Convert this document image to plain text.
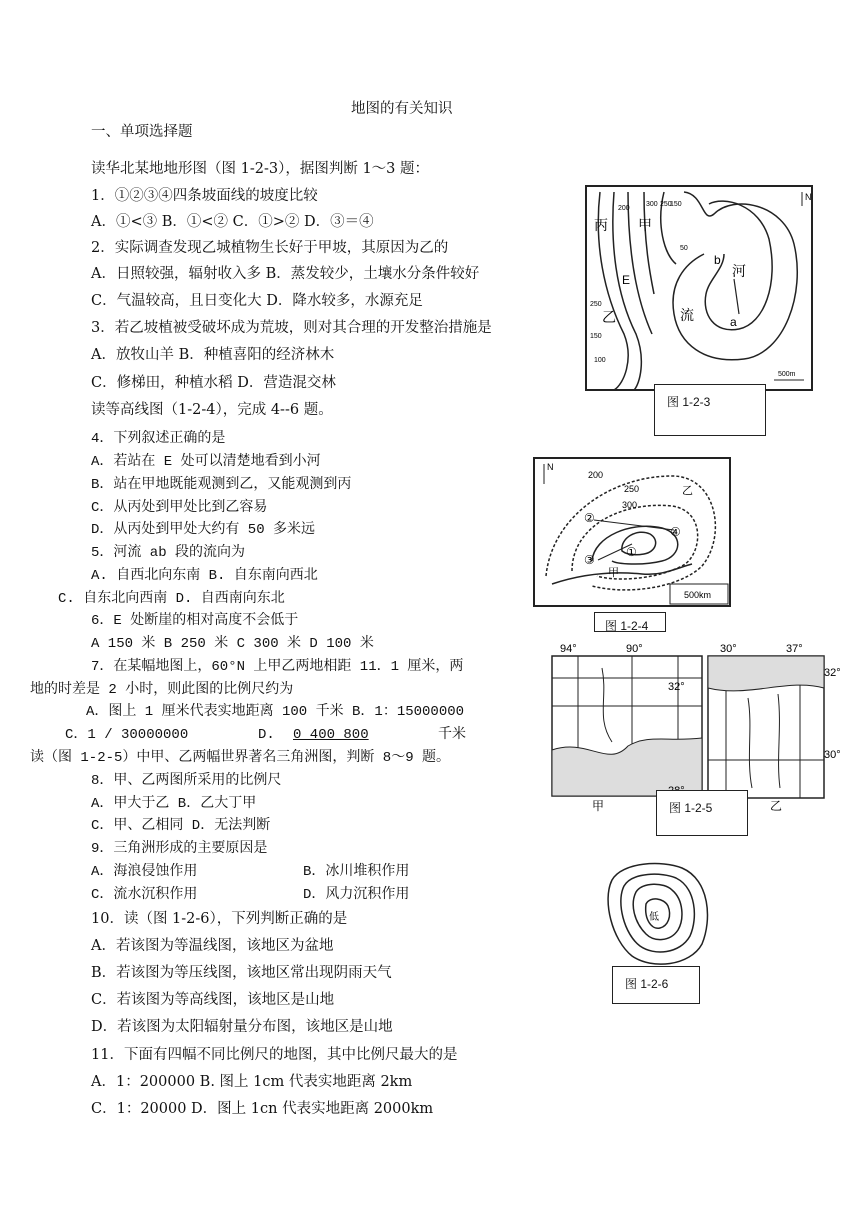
地图的有关知识
一、单项选择题
读华北某地地形图（图 1-2-3），据图判断 1～3 题：
1．①②③④四条坡面线的坡度比较
A．①<③ B．①<② C．①>② D．③＝④
2．实际调查发现乙城植物生长好于甲坡，其原因为乙的
A．日照较强，辐射收入多 B．蒸发较少，土壤水分条件较好
C．气温较高，且日变化大 D．降水较多，水源充足
3．若乙坡植被受破坏成为荒坡，则对其合理的开发整治措施是
A．放牧山羊 B．种植喜阳的经济林木
C．修梯田，种植水稻 D．营造混交林
读等高线图（1-2-4），完成 4--6 题。
4．下列叙述正确的是
A．若站在 E 处可以清楚地看到小河
B．站在甲地既能观测到乙，又能观测到丙
C．从丙处到甲处比到乙容易
D．从丙处到甲处大约有 50 多米远
5．河流 ab 段的流向为
A. 自西北向东南 B. 自东南向西北
C. 自东北向西南 D. 自西南向东北
6．E 处断崖的相对高度不会低于
A 150 米 B 250 米 C 300 米 D 100 米
7．在某幅地图上，60°N 上甲乙两地相距 11．1 厘米，两
地的时差是 2 小时，则此图的比例尺约为
A．图上 1 厘米代表实地距离 100 千米 B．1：15000000
C．1 / 30000000	D. 0 400 800	千米
读（图 1-2-5）中甲、乙两幅世界著名三角洲图，判断 8～9 题。
8．甲、乙两图所采用的比例尺
A．甲大于乙 B．乙大丁甲
C．甲、乙相同 D．无法判断
9．三角洲形成的主要原因是
A．海浪侵蚀作用	B．冰川堆积作用
C．流水沉积作用	D．风力沉积作用
10．读（图 1-2-6），下列判断正确的是
A．若该图为等温线图，该地区为盆地
B．若该图为等压线图，该地区常出现阴雨天气
C．若该图为等高线图，该地区是山地
D．若该图为太阳辐射量分布图，该地区是山地
11．下面有四幅不同比例尺的地图，其中比例尺最大的是
A．1：200000 B. 图上 1cm 代表实地距离 2km
C．1：20000 D．图上 1cn 代表实地距离 2000km
N
丙 甲
乙
E
b
河
流	a
300 250
200
150
50
250
150
100
500m
图 1-2-3
N
乙
②
③
④
①
甲
200
250
300
500km
图 1-2-4
94°	90°
32°
甲
30°	37°
32°
30°
乙
图 1-2-5
低
图 1-2-6
